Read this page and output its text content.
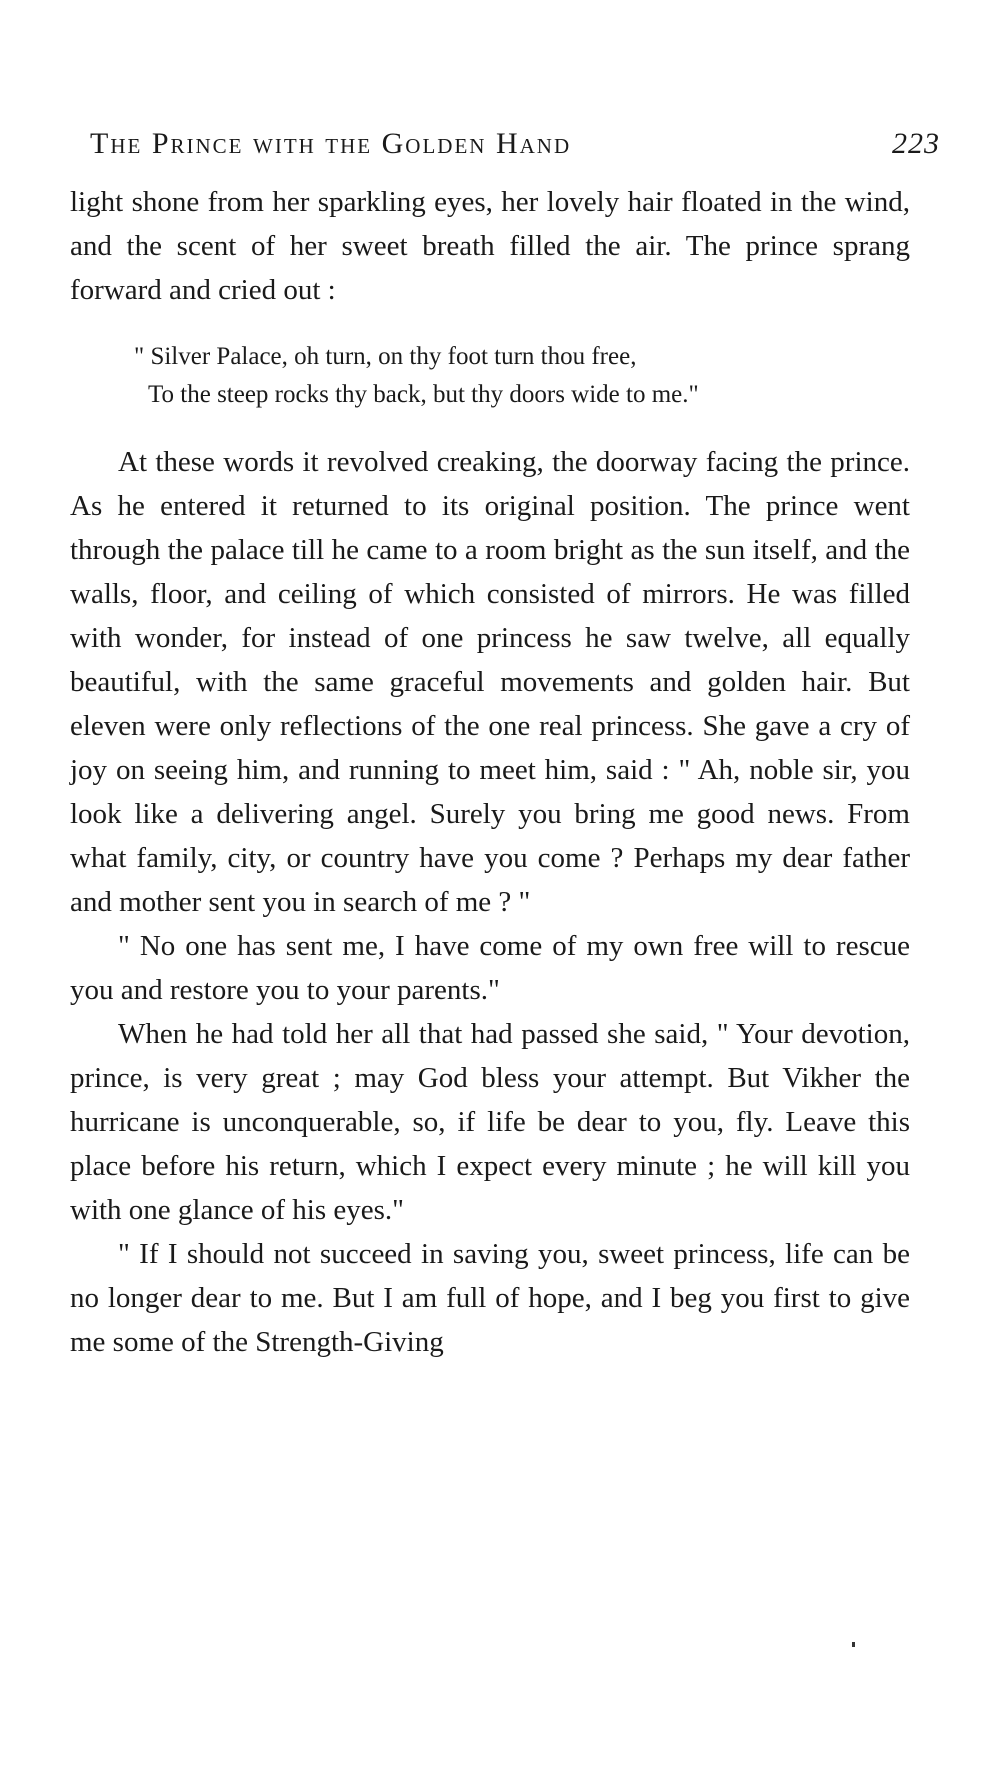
The Prince with the Golden Hand	223

light shone from her sparkling eyes, her lovely hair floated in the wind, and the scent of her sweet breath filled the air. The prince sprang forward and cried out :

" Silver Palace, oh turn, on thy foot turn thou free,
To the steep rocks thy back, but thy doors wide to me."

At these words it revolved creaking, the doorway facing the prince. As he entered it returned to its original position. The prince went through the palace till he came to a room bright as the sun itself, and the walls, floor, and ceiling of which consisted of mirrors. He was filled with wonder, for instead of one princess he saw twelve, all equally beautiful, with the same graceful movements and golden hair. But eleven were only reflections of the one real princess. She gave a cry of joy on seeing him, and running to meet him, said : " Ah, noble sir, you look like a delivering angel. Surely you bring me good news. From what family, city, or country have you come ? Perhaps my dear father and mother sent you in search of me ? "

" No one has sent me, I have come of my own free will to rescue you and restore you to your parents."

When he had told her all that had passed she said, " Your devotion, prince, is very great ; may God bless your attempt. But Vikher the hurricane is unconquerable, so, if life be dear to you, fly. Leave this place before his return, which I expect every minute ; he will kill you with one glance of his eyes."

" If I should not succeed in saving you, sweet princess, life can be no longer dear to me. But I am full of hope, and I beg you first to give me some of the Strength-Giving
